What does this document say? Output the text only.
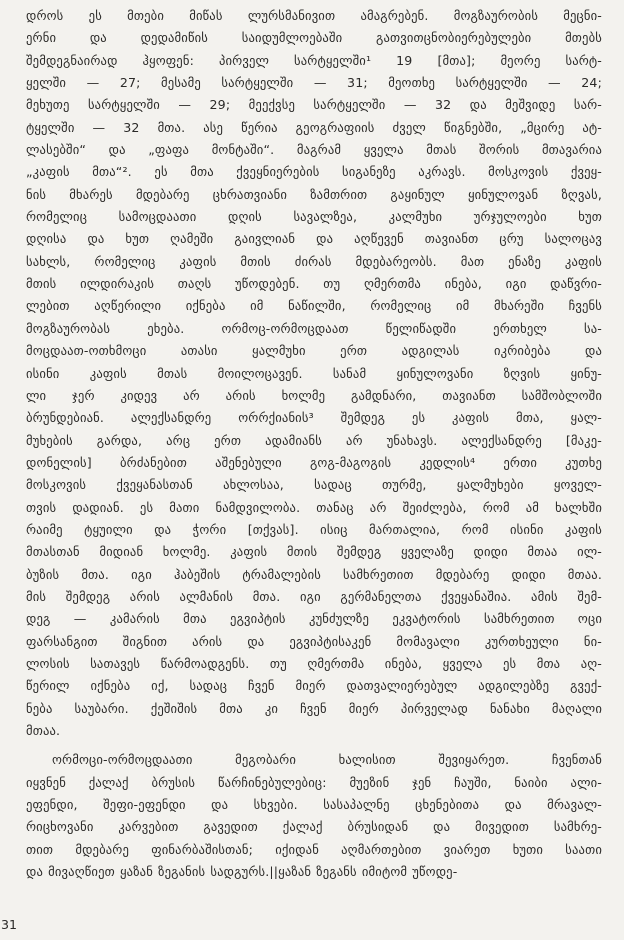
დროს ეს მთები მიწას ლურსმანივით ამაგრებენ. მოგზაურობის მეცნი-
ერნი და დედამიწის საიდუმლოებაში გათვითცნობიერებულები მთებს
შემდეგნაირად ჰყოფენ: პირველ სარტყელში¹ 19 [მთა]; მეორე სარტ-
ყელში — 27; მესამე სარტყელში — 31; მეოთხე სარტყელში — 24;
მეხუთე სარტყელში — 29; მეექვსე სარტყელში — 32 და მეშვიდე სარ-
ტყელში — 32 მთა. ასე წერია გეოგრაფიის ძველ წიგნებში, „მცირე ატ-
ლასებში“ და „ფაფა მონტაში“. მაგრამ ყველა მთას შორის მთავარია
„კაფის მთა“². ეს მთა ქვეყნიერების სიგანეზე აკრავს. მოსკოვის ქვეყ-
ნის მხარეს მდებარე ცხრათვიანი ზამთრით გაყინულ ყინულოვან ზღვას,
რომელიც სამოცდაათი დღის სავალზეა, კალმუხი ურჯულოები ხუთ
დღისა და ხუთ ღამეში გაივლიან და აღწევენ თავიანთ ცრუ სალოცავ
სახლს, რომელიც კაფის მთის ძირას მდებარეობს. მათ ენაზე კაფის
მთის ილდირაკის თაღს უწოდებენ. თუ ღმერთმა ინება, იგი დაწვრი-
ლებით აღწერილი იქნება იმ ნაწილში, რომელიც იმ მხარეში ჩვენს
მოგზაურობას ეხება. ორმოც-ორმოცდაათ წელიწადში ერთხელ სა-
მოცდაათ-ოთხმოცი ათასი ყალმუხი ერთ ადგილას იკრიბება და
ისინი კაფის მთას მოილოცავენ. სანამ ყინულოვანი ზღვის ყინუ-
ლი ჯერ კიდევ არ არის ხოლმე გამდნარი, თავიანთ სამშობლოში
ბრუნდებიან. ალექსანდრე ორრქიანის³ შემდეგ ეს კაფის მთა, ყალ-
მუხების გარდა, არც ერთ ადამიანს არ უნახავს. ალექსანდრე [მაკე-
დონელის] ბრძანებით აშენებული გოგ-მაგოგის კედლის⁴ ერთი კუთხე
მოსკოვის ქვეყანასთან ახლოსაა, სადაც თურმე, ყალმუხები ყოველ-
თვის დადიან. ეს მათი ნამდვილობა. თანაც არ შეიძლება, რომ ამ ხალხში
რაიმე ტყუილი და ჭორი [თქვას]. ისიც მართალია, რომ ისინი კაფის
მთასთან მიდიან ხოლმე. კაფის მთის შემდეგ ყველაზე დიდი მთაა ილ-
ბუზის მთა. იგი ჰაბეშის ტრამალების სამხრეთით მდებარე დიდი მთაა.
მის შემდეგ არის ალმანის მთა. იგი გერმანელთა ქვეყანაშია. ამის შემ-
დეგ — კამარის მთა ეგვიპტის კუნძულზე ეკვატორის სამხრეთით ოცი
ფარსანგით შიგნით არის და ეგვიპტისაკენ მომავალი კურთხეული ნი-
ლოსის სათავეს წარმოადგენს. თუ ღმერთმა ინება, ყველა ეს მთა აღ-
წერილ იქნება იქ, სადაც ჩვენ მიერ დათვალიერებულ ადგილებზე გვექ-
ნება საუბარი. ქეშიშის მთა კი ჩვენ მიერ პირველად ნანახი მაღალი
მთაა.

ორმოცი-ორმოცდაათი მეგობარი ხალისით შევიყარეთ. ჩვენთან
იყვნენ ქალაქ ბრუსის წარჩინებულებიც: მუეზინ ჯენ ჩაუში, ნაიბი ალი-
ეფენდი, შეფი-ეფენდი და სხვები. სასაპალნე ცხენებითა და მრავალ-
რიცხოვანი კარვებით გავედით ქალაქ ბრუსიდან და მივედით სამხრე-
თით მდებარე ფინარბაშისთან; იქიდან აღმართებით ვიარეთ ხუთი საათი
და მივაღწიეთ ყაზან ზეგანის სადგურს.||ყაზან ზეგანს იმიტომ უწოდე-

31
